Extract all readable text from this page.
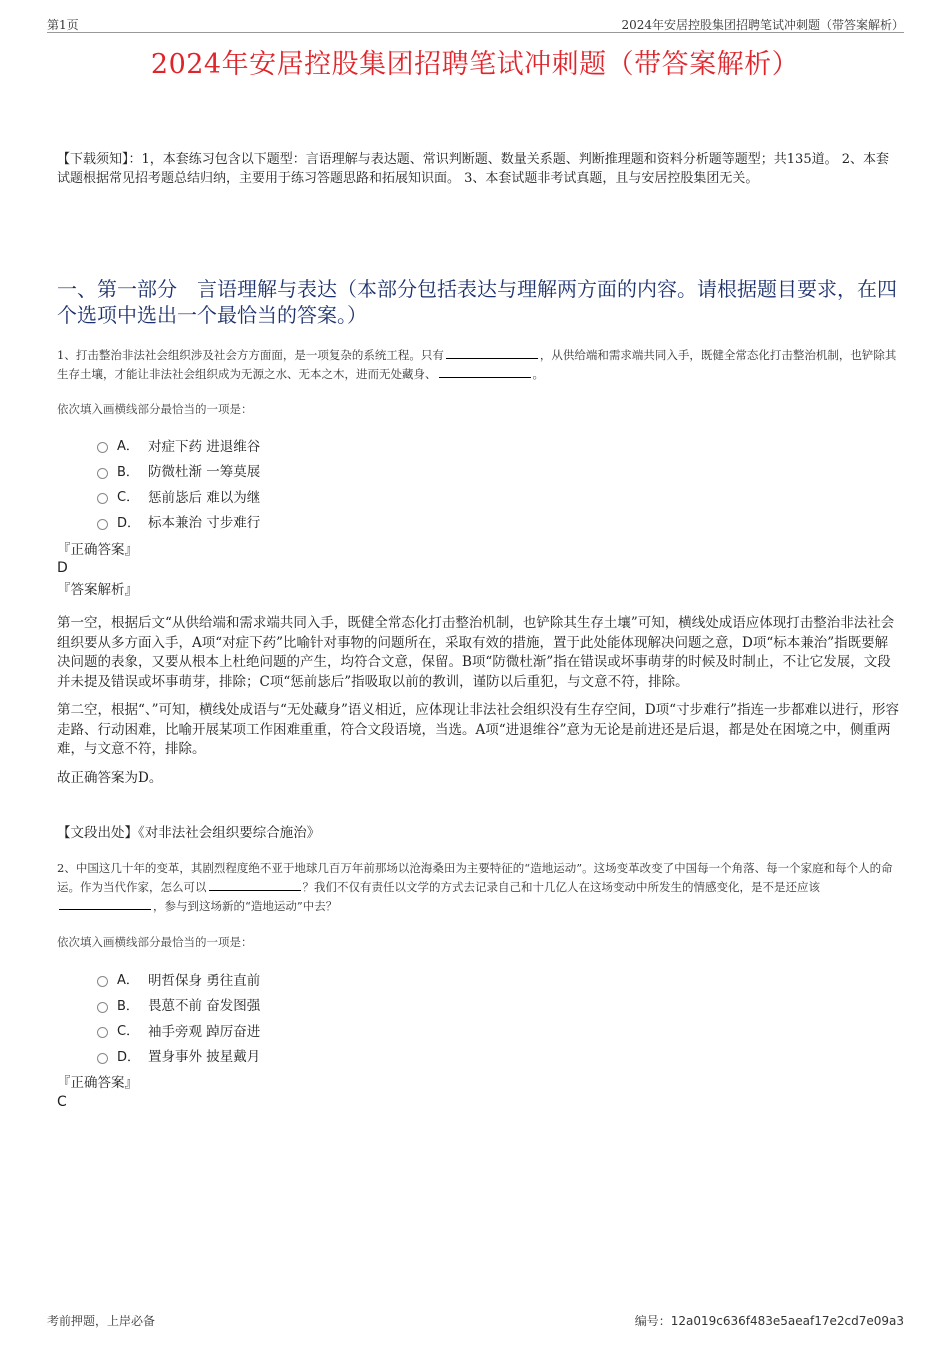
第1页	2024年安居控股集团招聘笔试冲刺题（带答案解析）
2024年安居控股集团招聘笔试冲刺题（带答案解析）
【下载须知】：1，本套练习包含以下题型：言语理解与表达题、常识判断题、数量关系题、判断推理题和资料分析题等题型；共135道。 2、本套试题根据常见招考题总结归纳，主要用于练习答题思路和拓展知识面。 3、本套试题非考试真题，且与安居控股集团无关。
一、第一部分　言语理解与表达（本部分包括表达与理解两方面的内容。请根据题目要求，在四个选项中选出一个最恰当的答案。）
1、打击整治非法社会组织涉及社会方方面面，是一项复杂的系统工程。只有	，从供给端和需求端共同入手，既健全常态化打击整治机制，也铲除其生存土壤，才能让非法社会组织成为无源之水、无本之木，进而无处藏身、	。
依次填入画横线部分最恰当的一项是：
A． 对症下药 进退维谷
B． 防微杜渐 一筹莫展
C． 惩前毖后 难以为继
D． 标本兼治 寸步难行
『正确答案』
D
『答案解析』

第一空，根据后文“从供给端和需求端共同入手，既健全常态化打击整治机制，也铲除其生存土壤”可知，横线处成语应体现打击整治非法社会组织要从多方面入手，A项“对症下药”比喻针对事物的问题所在，采取有效的措施，置于此处能体现解决问题之意，D项“标本兼治”指既要解决问题的表象，又要从根本上杜绝问题的产生，均符合文意，保留。B项“防微杜渐”指在错误或坏事萌芽的时候及时制止，不让它发展，文段并未提及错误或坏事萌芽，排除；C项“惩前毖后”指吸取以前的教训，谨防以后重犯，与文意不符，排除。

第二空，根据“、”可知，横线处成语与“无处藏身”语义相近，应体现让非法社会组织没有生存空间，D项“寸步难行”指连一步都难以进行，形容走路、行动困难，比喻开展某项工作困难重重，符合文段语境，当选。A项“进退维谷”意为无论是前进还是后退，都是处在困境之中，侧重两难，与文意不符，排除。

故正确答案为D。

【文段出处】《对非法社会组织要综合施治》
2、中国这几十年的变革，其剧烈程度绝不亚于地球几百万年前那场以沧海桑田为主要特征的“造地运动”。这场变革改变了中国每一个角落、每一个家庭和每个人的命运。作为当代作家，怎么可以	？我们不仅有责任以文学的方式去记录自己和十几亿人在这场变动中所发生的情感变化，是不是还应该，参与到这场新的“造地运动”中去？
依次填入画横线部分最恰当的一项是：
A． 明哲保身 勇往直前
B． 畏葸不前 奋发图强
C． 袖手旁观 踔厉奋进
D． 置身事外 披星戴月
『正确答案』
C
考前押题，上岸必备	编号：12a019c636f483e5aeaf17e2cd7e09a3
